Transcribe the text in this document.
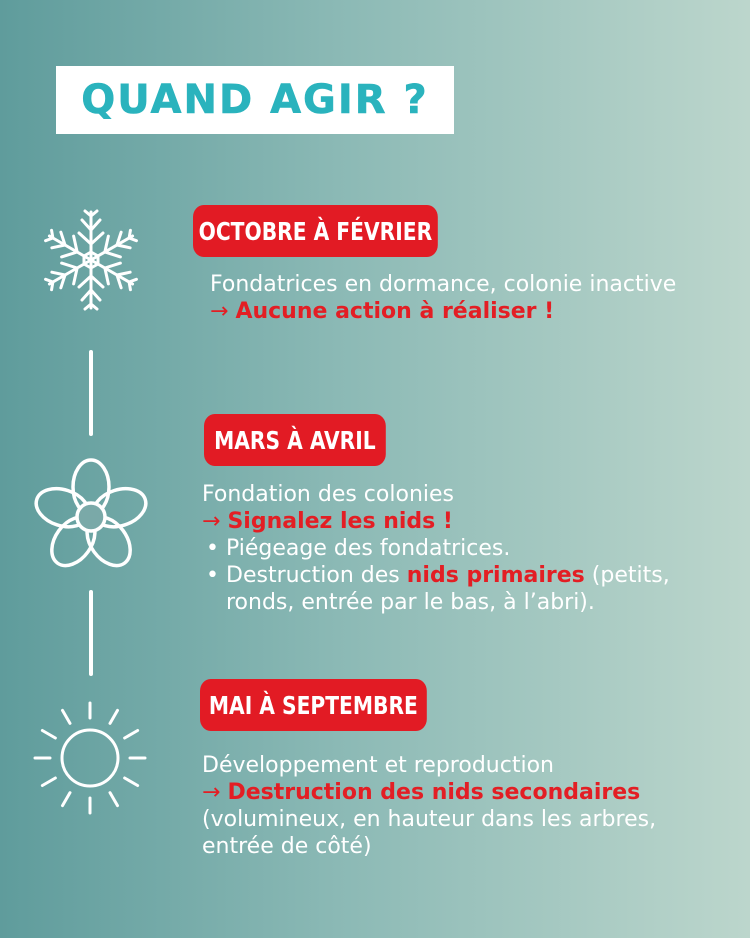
QUAND AGIR ?
OCTOBRE À FÉVRIER
Fondatrices en dormance, colonie inactive
→ Aucune action à réaliser !
MARS À AVRIL
Fondation des colonies
→ Signalez les nids !
• Piégeage des fondatrices.
• Destruction des nids primaires (petits, ronds, entrée par le bas, à l’abri).
MAI À SEPTEMBRE
Développement et reproduction
→ Destruction des nids secondaires
(volumineux, en hauteur dans les arbres, entrée de côté)
